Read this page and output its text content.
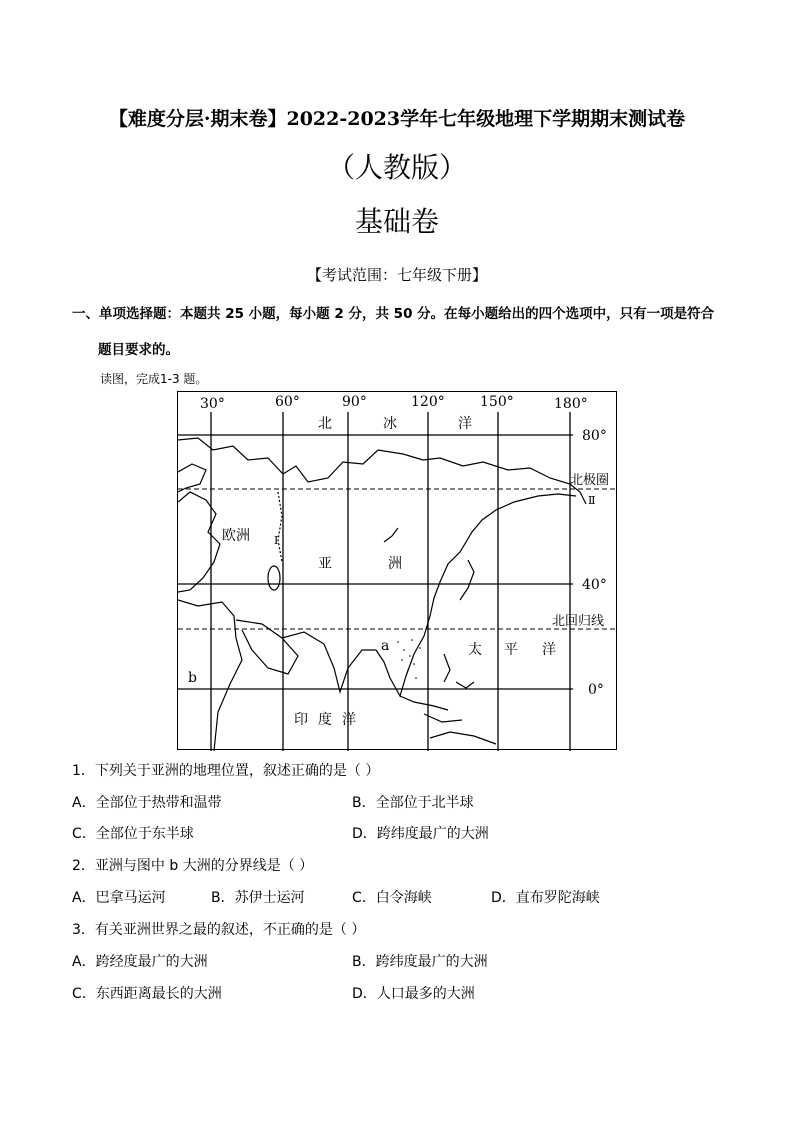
【难度分层·期末卷】2022-2023学年七年级地理下学期期末测试卷
（人教版）
基础卷
【考试范围：七年级下册】
一、单项选择题：本题共 25 小题，每小题 2 分，共 50 分。在每小题给出的四个选项中，只有一项是符合
题目要求的。
读图，完成1-3 题。
30°	60°	90°	120°	150°	180°
80°
40°
0°
北极圈
北回归线
北	冰	洋
欧洲
亚	洲
太 平 洋
印 度 洋
a
b
Ⅰ
Ⅱ
1．下列关于亚洲的地理位置，叙述正确的是（ ）
A．全部位于热带和温带	B．全部位于北半球
C．全部位于东半球	D．跨纬度最广的大洲
2．亚洲与图中 b 大洲的分界线是（ ）
A．巴拿马运河	B．苏伊士运河	C．白令海峡	D．直布罗陀海峡
3．有关亚洲世界之最的叙述，不正确的是（ ）
A．跨经度最广的大洲	B．跨纬度最广的大洲
C．东西距离最长的大洲	D．人口最多的大洲
